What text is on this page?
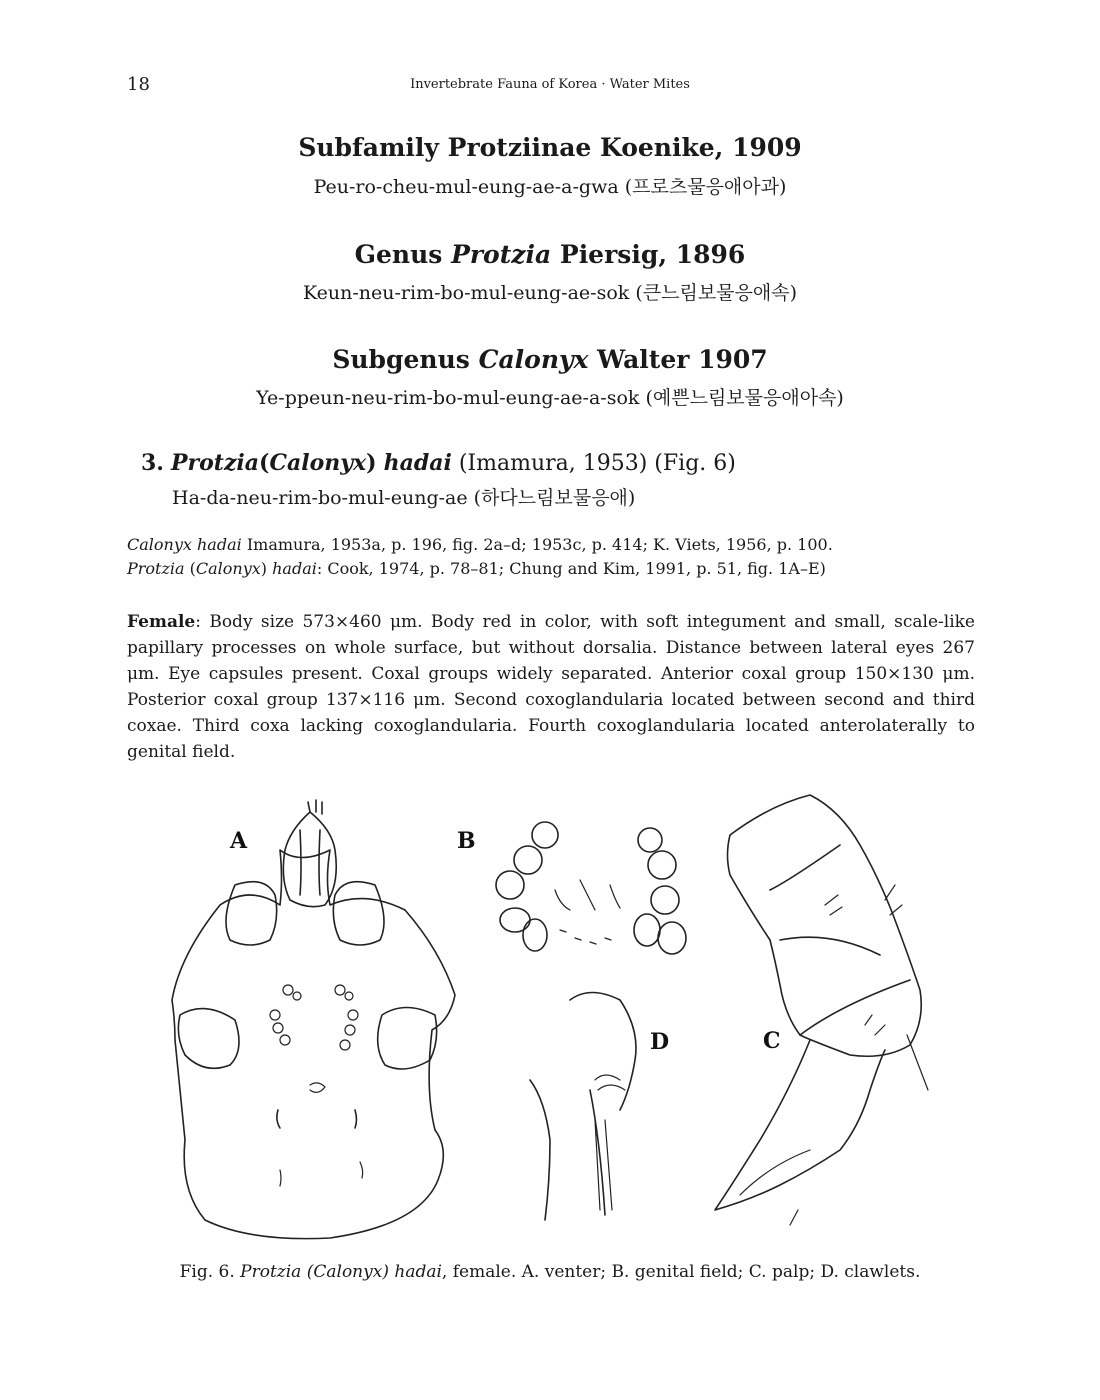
18	Invertebrate Fauna of Korea · Water Mites
Subfamily Protziinae Koenike, 1909
Peu-ro-cheu-mul-eung-ae-a-gwa (프로츠물응애아과)
Genus Protzia Piersig, 1896
Keun-neu-rim-bo-mul-eung-ae-sok (큰느림보물응애속)
Subgenus Calonyx Walter 1907
Ye-ppeun-neu-rim-bo-mul-eung-ae-a-sok (예쁜느림보물응애아속)
3. Protzia(Calonyx) hadai (Imamura, 1953) (Fig. 6)
Ha-da-neu-rim-bo-mul-eung-ae (하다느림보물응애)
Calonyx hadai Imamura, 1953a, p. 196, fig. 2a–d; 1953c, p. 414; K. Viets, 1956, p. 100.
Protzia (Calonyx) hadai: Cook, 1974, p. 78–81; Chung and Kim, 1991, p. 51, fig. 1A–E)
Female: Body size 573×460 μm. Body red in color, with soft integument and small, scale-like papillary processes on whole surface, but without dorsalia. Distance between lateral eyes 267 μm. Eye capsules present. Coxal groups widely separated. Anterior coxal group 150×130 μm. Posterior coxal group 137×116 μm. Second coxoglandularia located between second and third coxae. Third coxa lacking coxoglandularia. Fourth coxoglandularia located anterolaterally to genital field.
A	B
D	C
Fig. 6. Protzia (Calonyx) hadai, female. A. venter; B. genital field; C. palp; D. clawlets.
